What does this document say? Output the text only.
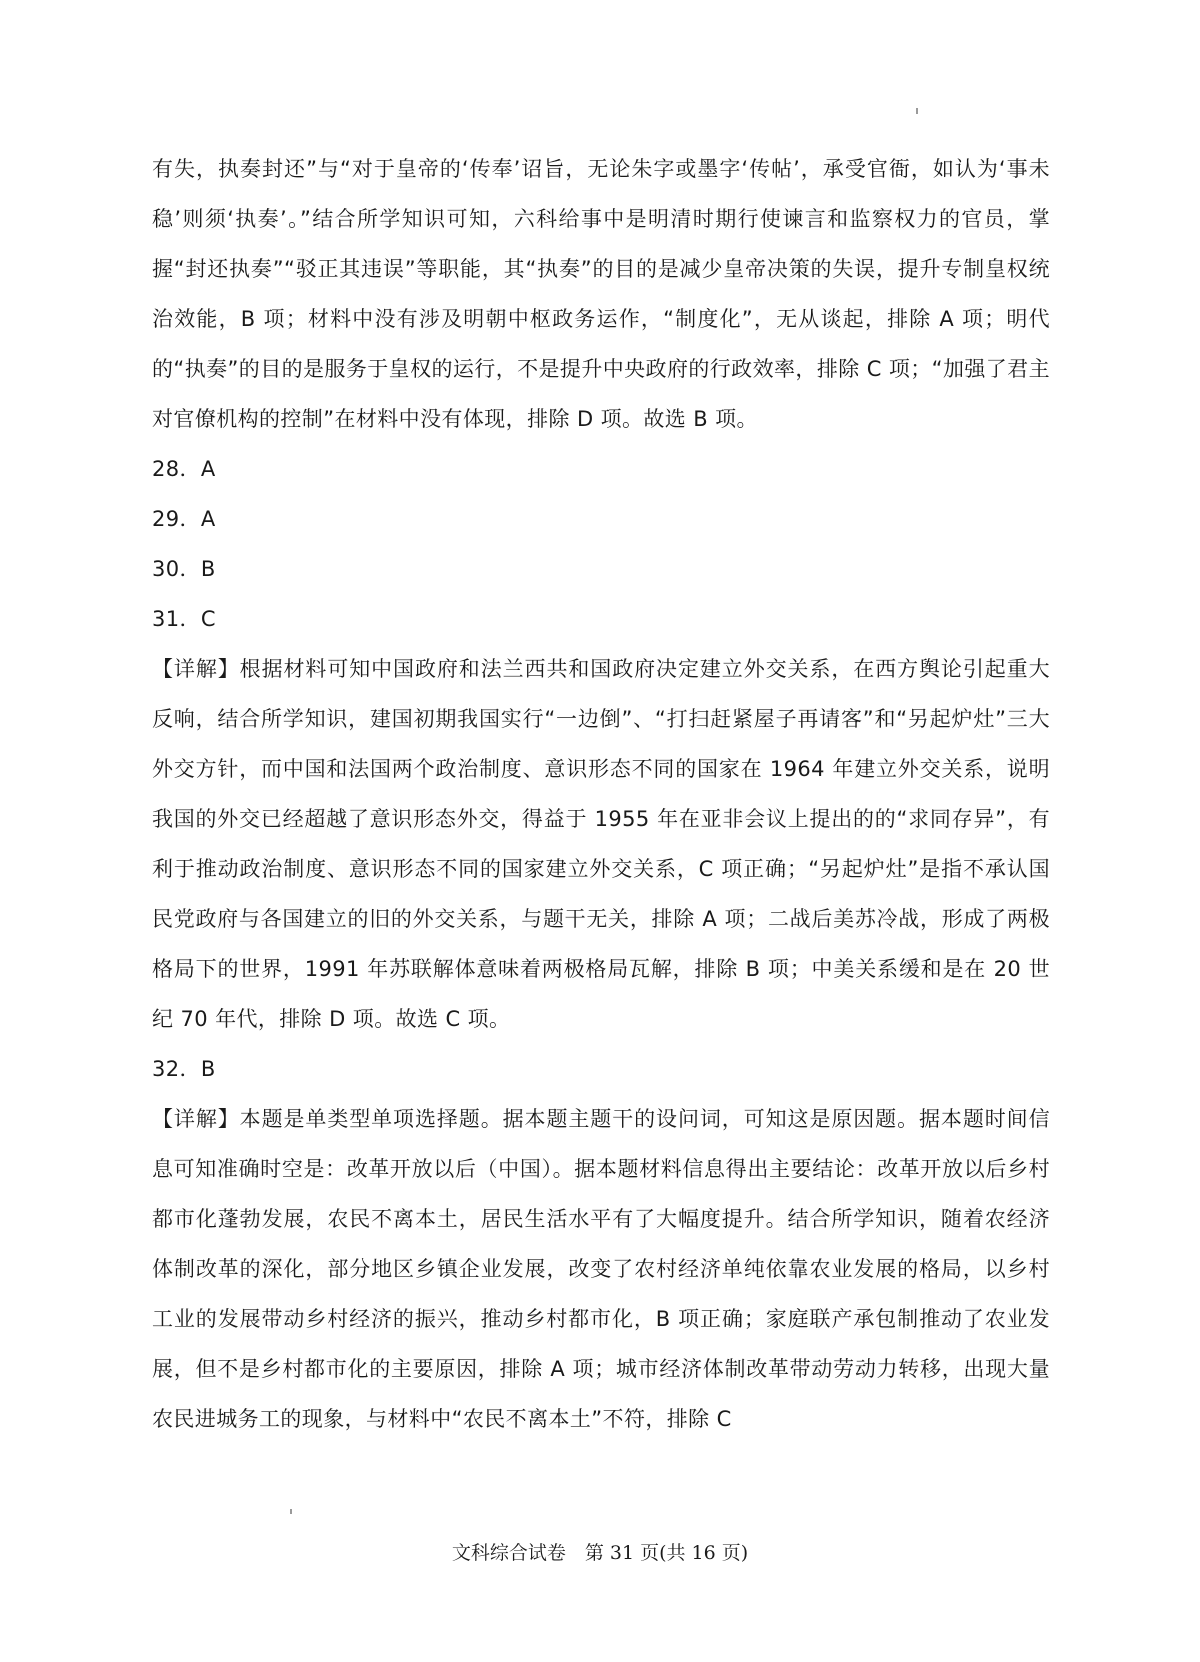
有失，执奏封还”与“对于皇帝的‘传奉’诏旨，无论朱字或墨字‘传帖’，承受官衙，如认为‘事未稳’则须‘执奏’。”结合所学知识可知，六科给事中是明清时期行使谏言和监察权力的官员，掌握“封还执奏”“驳正其违误”等职能，其“执奏”的目的是减少皇帝决策的失误，提升专制皇权统治效能，B 项；材料中没有涉及明朝中枢政务运作，“制度化”，无从谈起，排除 A 项；明代的“执奏”的目的是服务于皇权的运行，不是提升中央政府的行政效率，排除 C 项；“加强了君主对官僚机构的控制”在材料中没有体现，排除 D 项。故选 B 项。

28．A

29．A

30．B

31．C

【详解】根据材料可知中国政府和法兰西共和国政府决定建立外交关系，在西方舆论引起重大反响，结合所学知识，建国初期我国实行“一边倒”、“打扫赶紧屋子再请客”和“另起炉灶”三大外交方针，而中国和法国两个政治制度、意识形态不同的国家在 1964 年建立外交关系，说明我国的外交已经超越了意识形态外交，得益于 1955 年在亚非会议上提出的的“求同存异”，有利于推动政治制度、意识形态不同的国家建立外交关系，C 项正确；“另起炉灶”是指不承认国民党政府与各国建立的旧的外交关系，与题干无关，排除 A 项；二战后美苏冷战，形成了两极格局下的世界，1991 年苏联解体意味着两极格局瓦解，排除 B 项；中美关系缓和是在 20 世纪 70 年代，排除 D 项。故选 C 项。

32．B

【详解】本题是单类型单项选择题。据本题主题干的设问词，可知这是原因题。据本题时间信息可知准确时空是：改革开放以后（中国）。据本题材料信息得出主要结论：改革开放以后乡村都市化蓬勃发展，农民不离本土，居民生活水平有了大幅度提升。结合所学知识，随着农经济体制改革的深化，部分地区乡镇企业发展，改变了农村经济单纯依靠农业发展的格局，以乡村工业的发展带动乡村经济的振兴，推动乡村都市化，B 项正确；家庭联产承包制推动了农业发展，但不是乡村都市化的主要原因，排除 A 项；城市经济体制改革带动劳动力转移，出现大量农民进城务工的现象，与材料中“农民不离本土”不符，排除 C

文科综合试卷　第 31 页(共 16 页)
